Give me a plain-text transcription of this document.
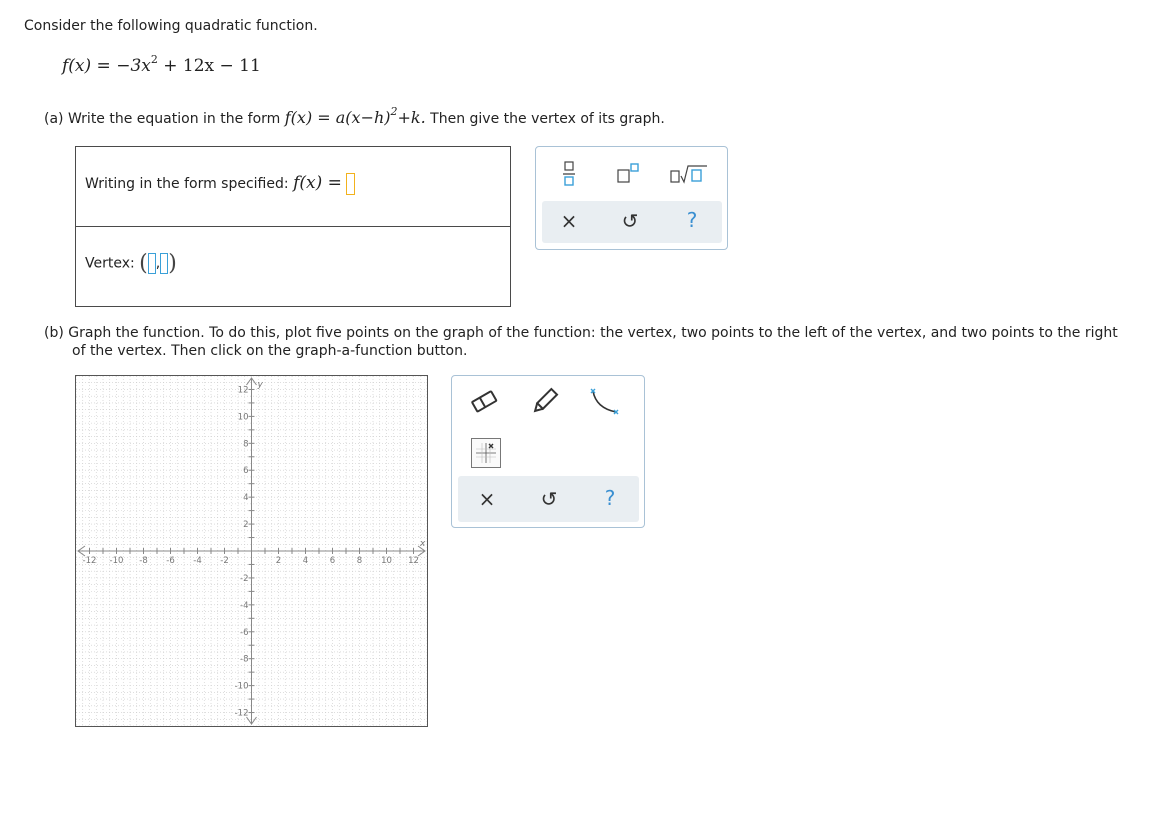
Consider the following quadratic function.
$f(x) = -3x^2 + 12x - 11$
(a) Write the equation in the form $f(x) = a(x-h)^2+k$. Then give the vertex of its graph.
Writing in the form specified: f(x) =
Vertex: ( , )
×	↺	?
(b) Graph the function. To do this, plot five points on the graph of the function: the vertex, two points to the left of the vertex, and two points to the right
of the vertex. Then click on the graph-a-function button.
-12 -10 -8 -6 -4 -2	2	4	6	8 10 12
12
10
8
6
4
2
-2
-4
-6
-8
-10
-12
x
y
×	↺	?
